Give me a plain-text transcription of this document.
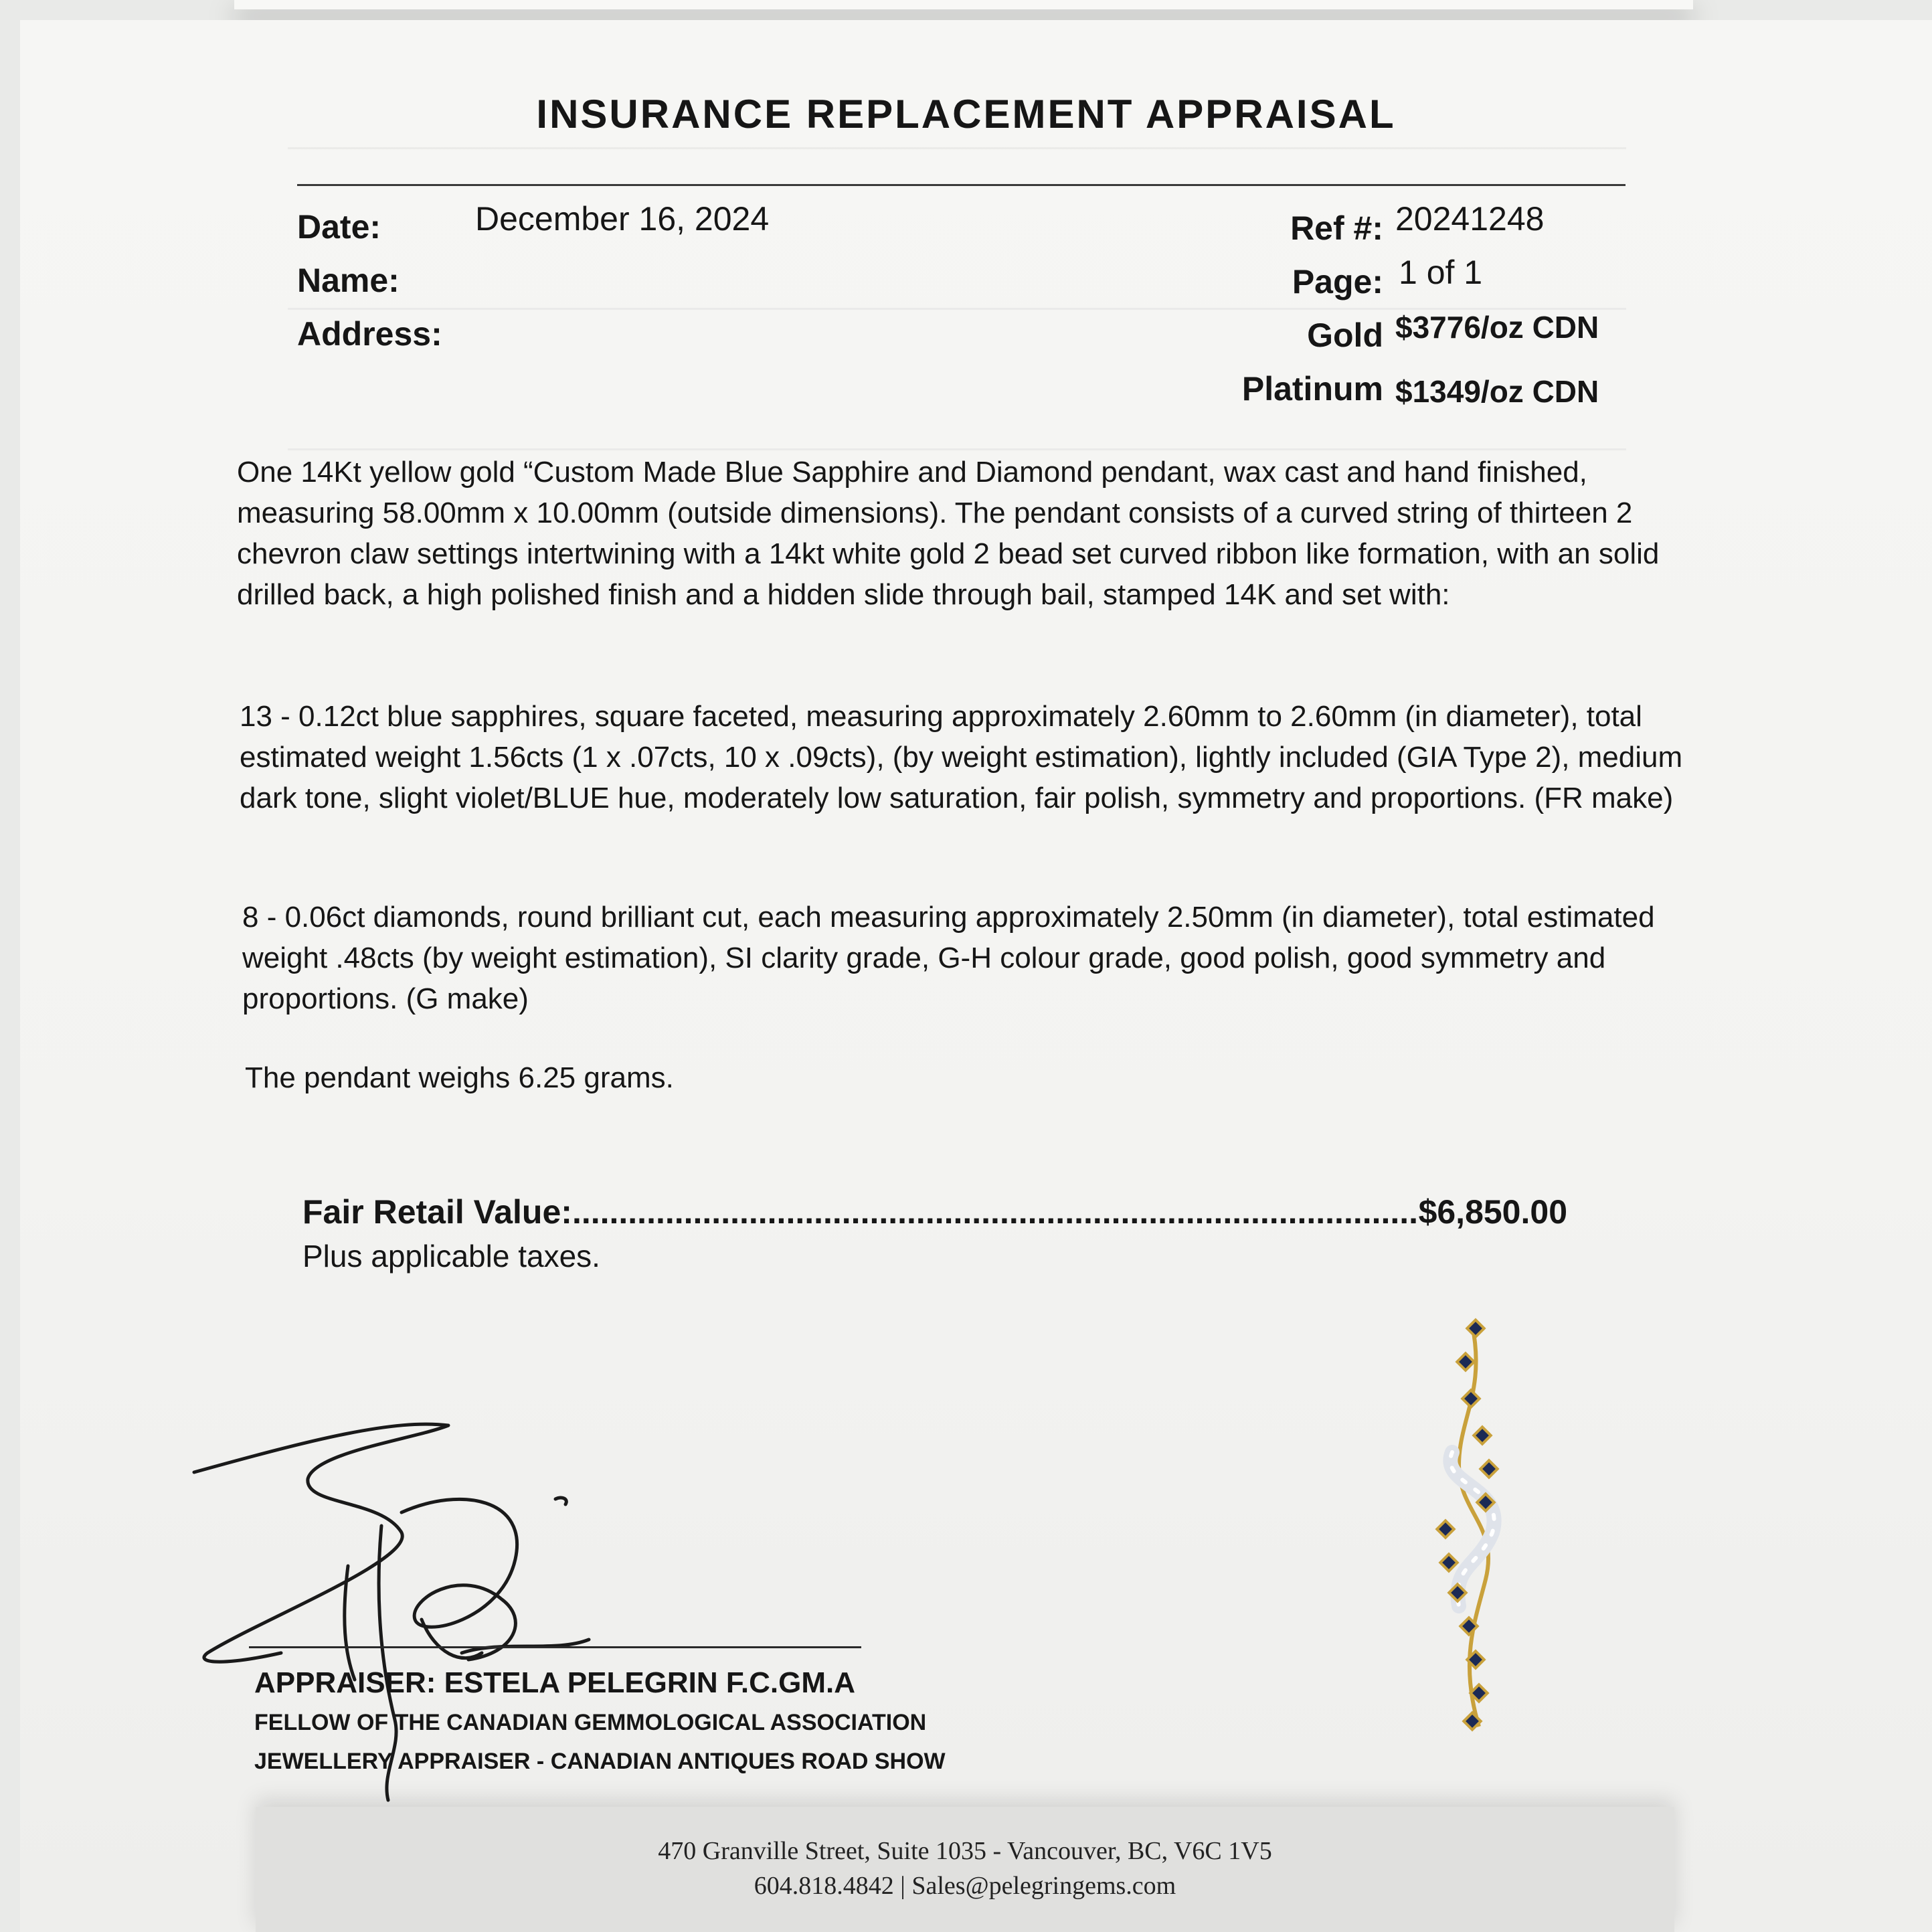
INSURANCE REPLACEMENT APPRAISAL
Date:	December 16, 2024
Name:
Address:
Ref #: 20241248
Page: 1 of 1
Gold $3776/oz CDN
Platinum $1349/oz CDN
One 14Kt yellow gold “Custom Made Blue Sapphire and Diamond pendant, wax cast and hand finished, measuring 58.00mm x 10.00mm (outside dimensions). The pendant consists of a curved string of thirteen 2 chevron claw settings intertwining with a 14kt white gold 2 bead set curved ribbon like formation, with an solid drilled back, a high polished finish and a hidden slide through bail, stamped 14K and set with:
13 - 0.12ct blue sapphires, square faceted, measuring approximately 2.60mm to 2.60mm (in diameter), total estimated weight 1.56cts (1 x .07cts, 10 x .09cts), (by weight estimation), lightly included (GIA Type 2), medium dark tone, slight violet/BLUE hue, moderately low saturation, fair polish, symmetry and proportions. (FR make)
8 - 0.06ct diamonds, round brilliant cut, each measuring approximately 2.50mm (in diameter), total estimated weight .48cts (by weight estimation), SI clarity grade, G-H colour grade, good polish, good symmetry and proportions. (G make)
The pendant weighs 6.25 grams.
Fair Retail Value:
.....	$6,850.00
Plus applicable taxes.
APPRAISER: ESTELA PELEGRIN F.C.GM.A
FELLOW OF THE CANADIAN GEMMOLOGICAL ASSOCIATION
JEWELLERY APPRAISER - CANADIAN ANTIQUES ROAD SHOW
470 Granville Street, Suite 1035 - Vancouver, BC, V6C 1V5
604.818.4842 | Sales@pelegringems.com
